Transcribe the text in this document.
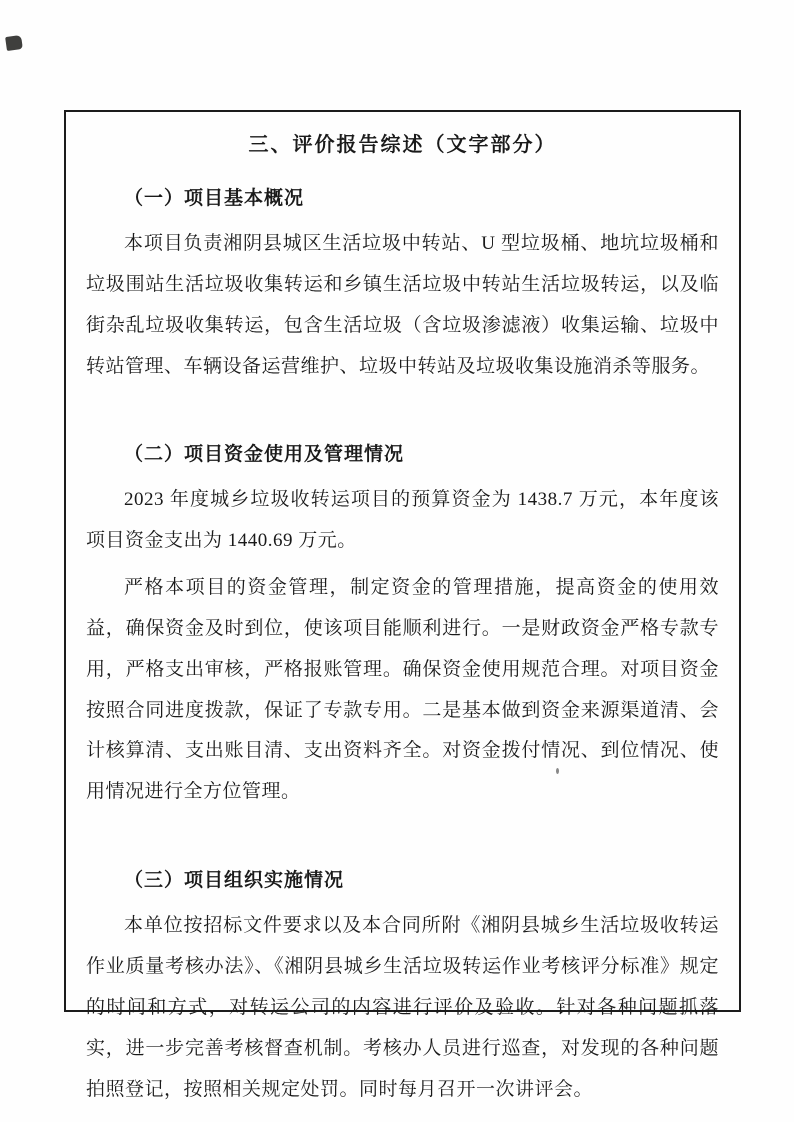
三、评价报告综述（文字部分）
（一）项目基本概况

本项目负责湘阴县城区生活垃圾中转站、U 型垃圾桶、地坑垃圾桶和垃圾围站生活垃圾收集转运和乡镇生活垃圾中转站生活垃圾转运，以及临街杂乱垃圾收集转运，包含生活垃圾（含垃圾渗滤液）收集运输、垃圾中转站管理、车辆设备运营维护、垃圾中转站及垃圾收集设施消杀等服务。

（二）项目资金使用及管理情况

2023 年度城乡垃圾收转运项目的预算资金为 1438.7 万元，本年度该项目资金支出为 1440.69 万元。

严格本项目的资金管理，制定资金的管理措施，提高资金的使用效益，确保资金及时到位，使该项目能顺利进行。一是财政资金严格专款专用，严格支出审核，严格报账管理。确保资金使用规范合理。对项目资金按照合同进度拨款，保证了专款专用。二是基本做到资金来源渠道清、会计核算清、支出账目清、支出资料齐全。对资金拨付情况、到位情况、使用情况进行全方位管理。

（三）项目组织实施情况

本单位按招标文件要求以及本合同所附《湘阴县城乡生活垃圾收转运作业质量考核办法》、《湘阴县城乡生活垃圾转运作业考核评分标准》规定的时间和方式，对转运公司的内容进行评价及验收。针对各种问题抓落实，进一步完善考核督查机制。考核办人员进行巡查，对发现的各种问题拍照登记，按照相关规定处罚。同时每月召开一次讲评会。
